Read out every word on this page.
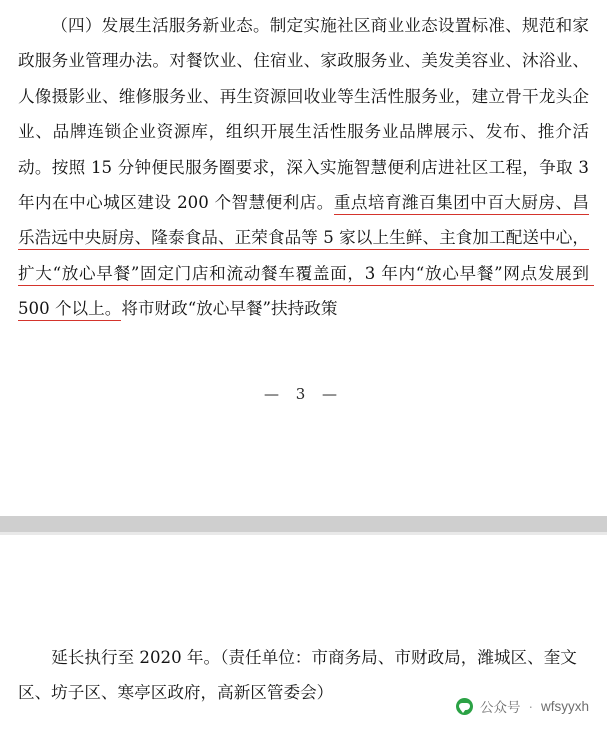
（四）发展生活服务新业态。制定实施社区商业业态设置标准、规范和家政服务业管理办法。对餐饮业、住宿业、家政服务业、美发美容业、沐浴业、人像摄影业、维修服务业、再生资源回收业等生活性服务业，建立骨干龙头企业、品牌连锁企业资源库，组织开展生活性服务业品牌展示、发布、推介活动。按照 15 分钟便民服务圈要求，深入实施智慧便利店进社区工程，争取 3 年内在中心城区建设 200 个智慧便利店。重点培育潍百集团中百大厨房、昌乐浩远中央厨房、隆泰食品、正荣食品等 5 家以上生鲜、主食加工配送中心，扩大“放心早餐”固定门店和流动餐车覆盖面，3 年内“放心早餐”网点发展到 500 个以上。将市财政“放心早餐”扶持政策

— 3 —

延长执行至 2020 年。（责任单位：市商务局、市财政局，潍城区、奎文区、坊子区、寒亭区政府，高新区管委会）

公众号 · wfsyyxh
